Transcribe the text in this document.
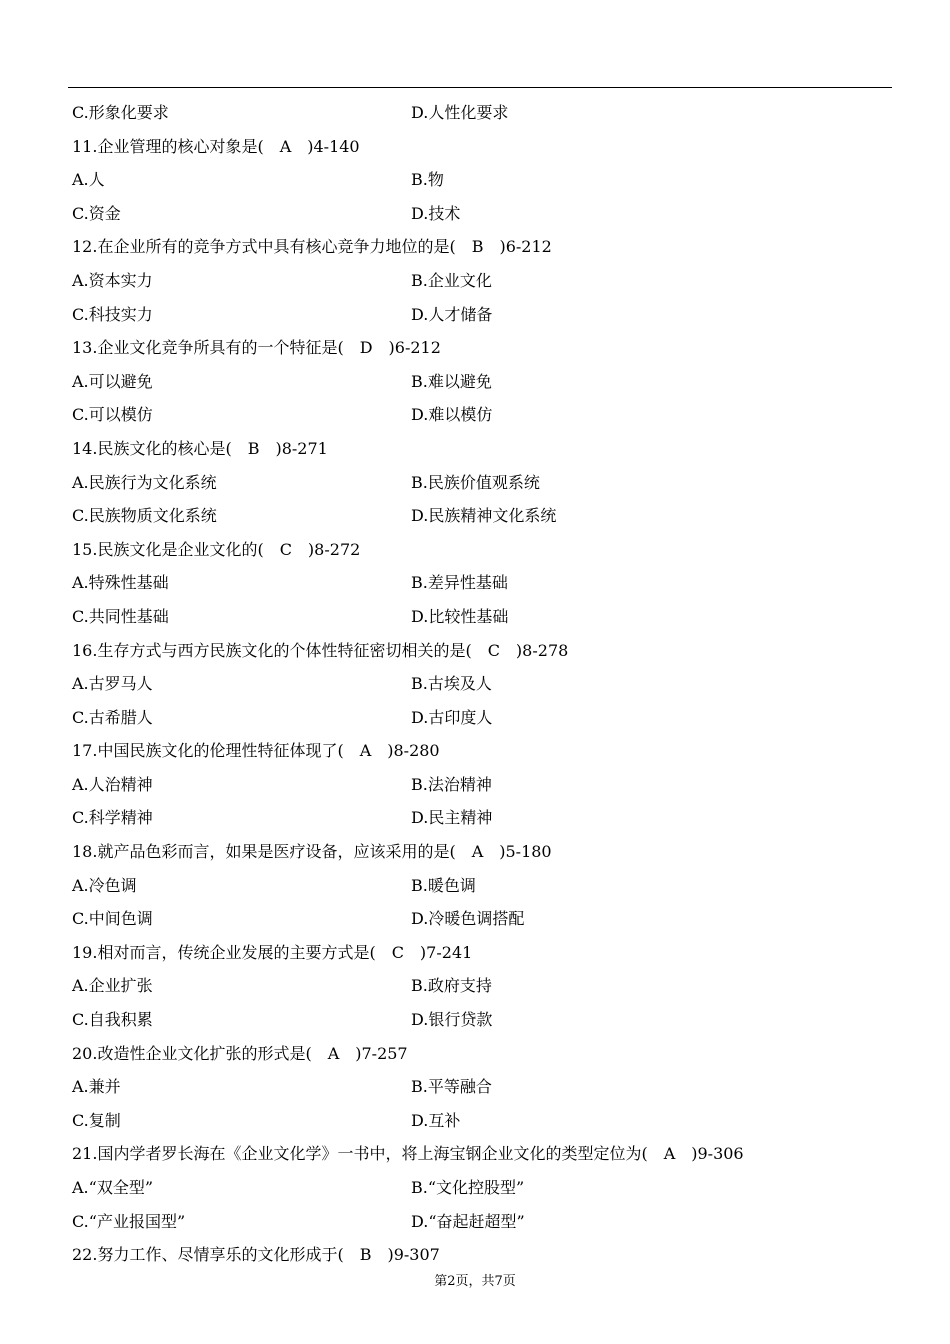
C.形象化要求	D.人性化要求
11.企业管理的核心对象是(　A　)4-140
A.人	B.物
C.资金	D.技术
12.在企业所有的竞争方式中具有核心竞争力地位的是(　B　)6-212
A.资本实力	B.企业文化
C.科技实力	D.人才储备
13.企业文化竞争所具有的一个特征是(　D　)6-212
A.可以避免	B.难以避免
C.可以模仿	D.难以模仿
14.民族文化的核心是(　B　)8-271
A.民族行为文化系统	B.民族价值观系统
C.民族物质文化系统	D.民族精神文化系统
15.民族文化是企业文化的(　C　)8-272
A.特殊性基础	B.差异性基础
C.共同性基础	D.比较性基础
16.生存方式与西方民族文化的个体性特征密切相关的是(　C　)8-278
A.古罗马人	B.古埃及人
C.古希腊人	D.古印度人
17.中国民族文化的伦理性特征体现了(　A　)8-280
A.人治精神	B.法治精神
C.科学精神	D.民主精神
18.就产品色彩而言，如果是医疗设备，应该采用的是(　A　)5-180
A.冷色调	B.暖色调
C.中间色调	D.冷暖色调搭配
19.相对而言，传统企业发展的主要方式是(　C　)7-241
A.企业扩张	B.政府支持
C.自我积累	D.银行贷款
20.改造性企业文化扩张的形式是(　A　)7-257
A.兼并	B.平等融合
C.复制	D.互补
21.国内学者罗长海在《企业文化学》一书中，将上海宝钢企业文化的类型定位为(　A　)9-306
A.“双全型”	B.“文化控股型”
C.“产业报国型”	D.“奋起赶超型”
22.努力工作、尽情享乐的文化形成于(　B　)9-307
第2页，共7页
